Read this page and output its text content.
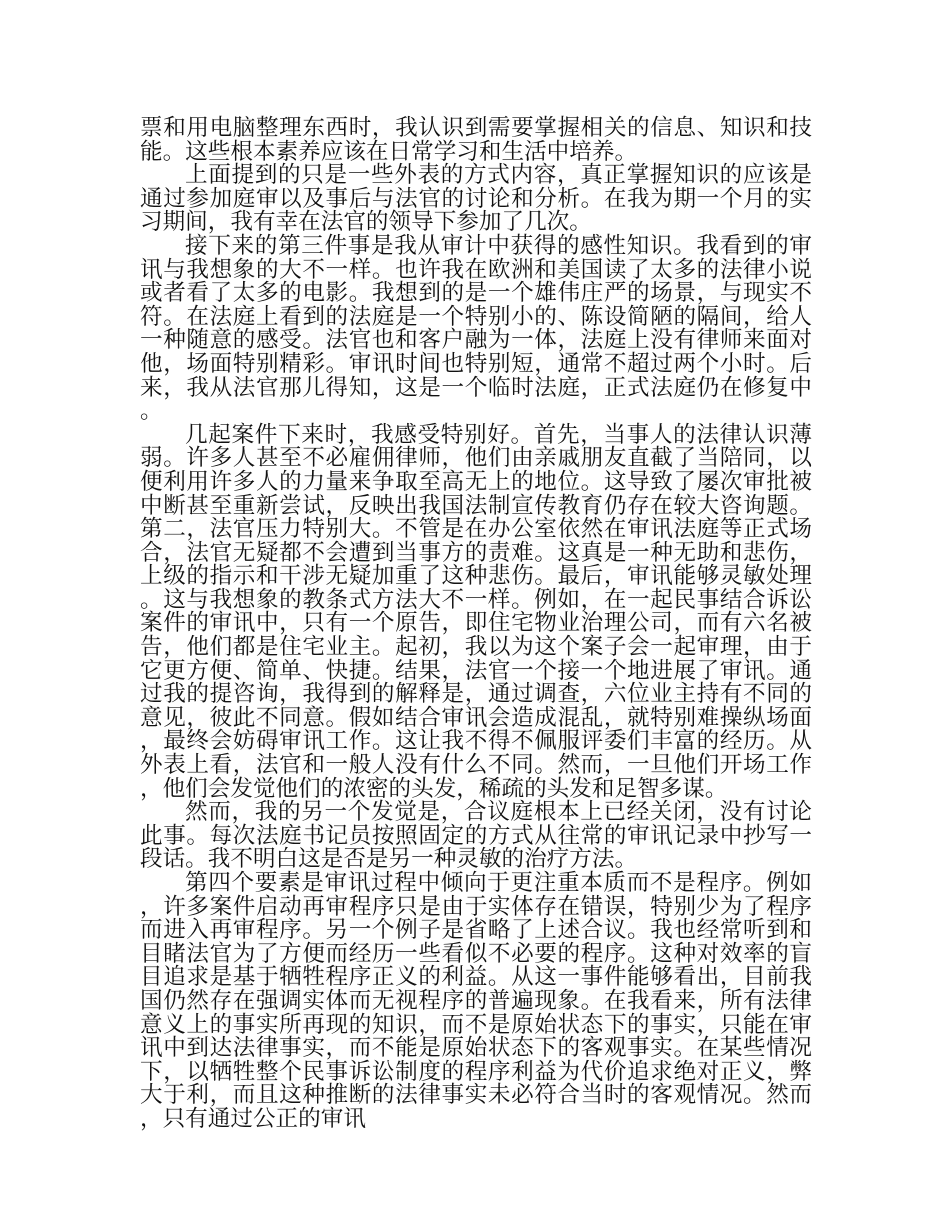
票和用电脑整理东西时，我认识到需要掌握相关的信息、知识和技能。这些根本素养应该在日常学习和生活中培养。

上面提到的只是一些外表的方式内容，真正掌握知识的应该是通过参加庭审以及事后与法官的讨论和分析。在我为期一个月的实习期间，我有幸在法官的领导下参加了几次。

接下来的第三件事是我从审计中获得的感性知识。我看到的审讯与我想象的大不一样。也许我在欧洲和美国读了太多的法律小说或者看了太多的电影。我想到的是一个雄伟庄严的场景，与现实不符。在法庭上看到的法庭是一个特别小的、陈设简陋的隔间，给人一种随意的感受。法官也和客户融为一体，法庭上没有律师来面对他，场面特别精彩。审讯时间也特别短，通常不超过两个小时。后来，我从法官那儿得知，这是一个临时法庭，正式法庭仍在修复中。

几起案件下来时，我感受特别好。首先，当事人的法律认识薄弱。许多人甚至不必雇佣律师，他们由亲戚朋友直截了当陪同，以便利用许多人的力量来争取至高无上的地位。这导致了屡次审批被中断甚至重新尝试，反映出我国法制宣传教育仍存在较大咨询题。第二，法官压力特别大。不管是在办公室依然在审讯法庭等正式场合，法官无疑都不会遭到当事方的责难。这真是一种无助和悲伤，上级的指示和干涉无疑加重了这种悲伤。最后，审讯能够灵敏处理。这与我想象的教条式方法大不一样。例如，在一起民事结合诉讼案件的审讯中，只有一个原告，即住宅物业治理公司，而有六名被告，他们都是住宅业主。起初，我以为这个案子会一起审理，由于它更方便、简单、快捷。结果，法官一个接一个地进展了审讯。通过我的提咨询，我得到的解释是，通过调查，六位业主持有不同的意见，彼此不同意。假如结合审讯会造成混乱，就特别难操纵场面，最终会妨碍审讯工作。这让我不得不佩服评委们丰富的经历。从外表上看，法官和一般人没有什么不同。然而，一旦他们开场工作，他们会发觉他们的浓密的头发，稀疏的头发和足智多谋。

然而，我的另一个发觉是，合议庭根本上已经关闭，没有讨论此事。每次法庭书记员按照固定的方式从往常的审讯记录中抄写一段话。我不明白这是否是另一种灵敏的治疗方法。

第四个要素是审讯过程中倾向于更注重本质而不是程序。例如，许多案件启动再审程序只是由于实体存在错误，特别少为了程序而进入再审程序。另一个例子是省略了上述合议。我也经常听到和目睹法官为了方便而经历一些看似不必要的程序。这种对效率的盲目追求是基于牺牲程序正义的利益。从这一事件能够看出，目前我国仍然存在强调实体而无视程序的普遍现象。在我看来，所有法律意义上的事实所再现的知识，而不是原始状态下的事实，只能在审讯中到达法律事实，而不能是原始状态下的客观事实。在某些情况下，以牺牲整个民事诉讼制度的程序利益为代价追求绝对正义，弊大于利，而且这种推断的法律事实未必符合当时的客观情况。然而，只有通过公正的审讯
